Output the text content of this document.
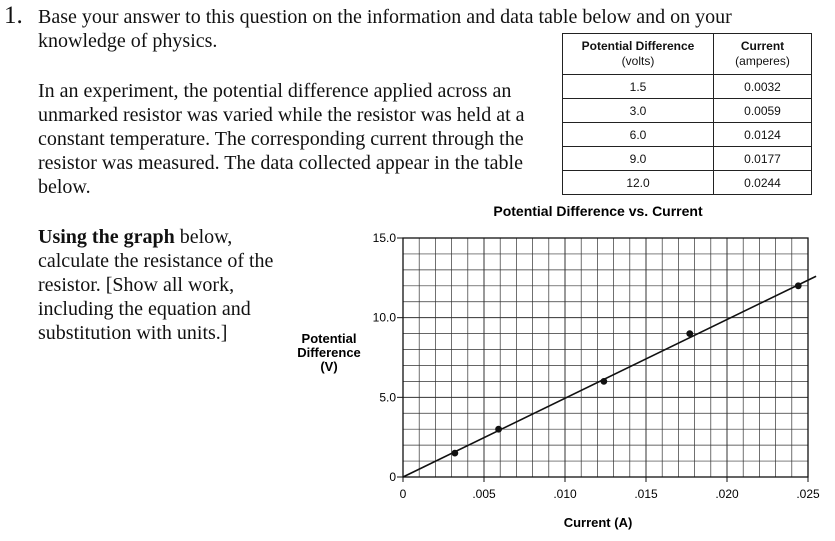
1. Base your answer to this question on the information and data table below and on your knowledge of physics.
In an experiment, the potential difference applied across an unmarked resistor was varied while the resistor was held at a constant temperature. The corresponding current through the resistor was measured. The data collected appear in the table below.
Using the graph below, calculate the resistance of the resistor. [Show all work, including the equation and substitution with units.]
Potential Difference
(volts)	Current
(amperes)

1.5	0.0032
3.0	0.0059
6.0	0.0124
9.0	0.0177
12.0	0.0244
Potential Difference vs. Current
0	.005	.010	.015	.020	.025
0
5.0
10.0
15.0
Potential
Difference
(V)
Current (A)
